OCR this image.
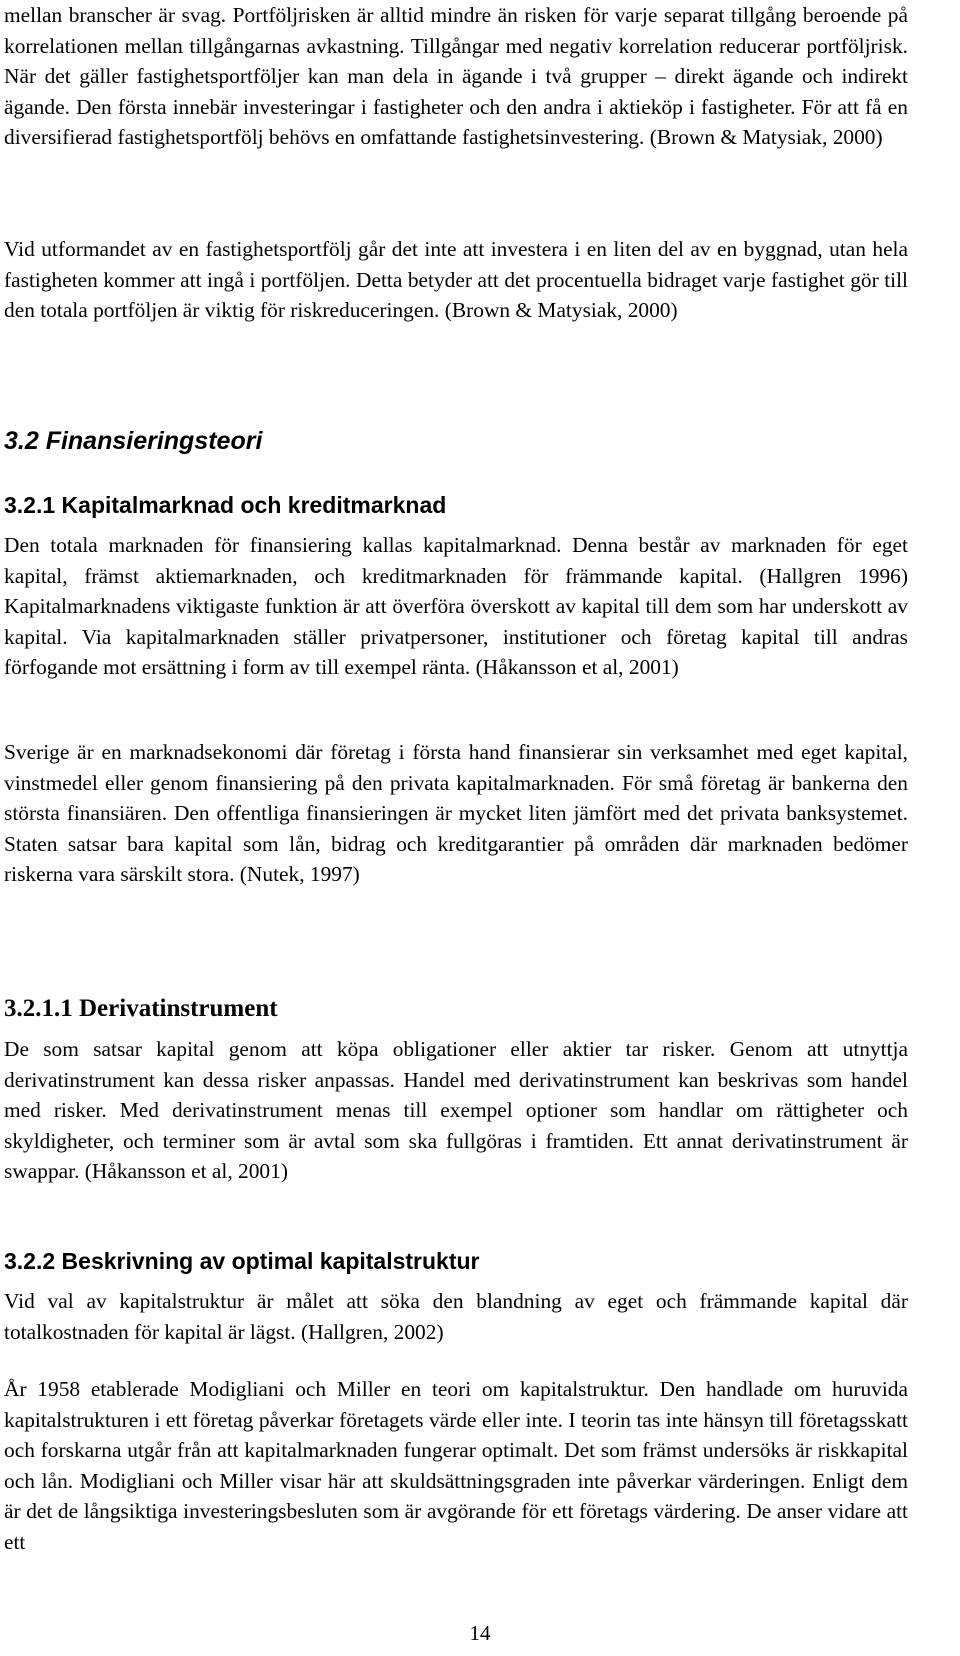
mellan branscher är svag. Portföljrisken är alltid mindre än risken för varje separat tillgång beroende på korrelationen mellan tillgångarnas avkastning. Tillgångar med negativ korrelation reducerar portföljrisk. När det gäller fastighetsportföljer kan man dela in ägande i två grupper – direkt ägande och indirekt ägande. Den första innebär investeringar i fastigheter och den andra i aktieköp i fastigheter. För att få en diversifierad fastighetsportfölj behövs en omfattande fastighetsinvestering. (Brown & Matysiak, 2000)

Vid utformandet av en fastighetsportfölj går det inte att investera i en liten del av en byggnad, utan hela fastigheten kommer att ingå i portföljen. Detta betyder att det procentuella bidraget varje fastighet gör till den totala portföljen är viktig för riskreduceringen. (Brown & Matysiak, 2000)

3.2 Finansieringsteori
3.2.1 Kapitalmarknad och kreditmarknad

Den totala marknaden för finansiering kallas kapitalmarknad. Denna består av marknaden för eget kapital, främst aktiemarknaden, och kreditmarknaden för främmande kapital. (Hallgren 1996) Kapitalmarknadens viktigaste funktion är att överföra överskott av kapital till dem som har underskott av kapital. Via kapitalmarknaden ställer privatpersoner, institutioner och företag kapital till andras förfogande mot ersättning i form av till exempel ränta. (Håkansson et al, 2001)

Sverige är en marknadsekonomi där företag i första hand finansierar sin verksamhet med eget kapital, vinstmedel eller genom finansiering på den privata kapitalmarknaden. För små företag är bankerna den största finansiären. Den offentliga finansieringen är mycket liten jämfört med det privata banksystemet. Staten satsar bara kapital som lån, bidrag och kreditgarantier på områden där marknaden bedömer riskerna vara särskilt stora. (Nutek, 1997)

3.2.1.1 Derivatinstrument

De som satsar kapital genom att köpa obligationer eller aktier tar risker. Genom att utnyttja derivatinstrument kan dessa risker anpassas. Handel med derivatinstrument kan beskrivas som handel med risker. Med derivatinstrument menas till exempel optioner som handlar om rättigheter och skyldigheter, och terminer som är avtal som ska fullgöras i framtiden. Ett annat derivatinstrument är swappar. (Håkansson et al, 2001)

3.2.2 Beskrivning av optimal kapitalstruktur

Vid val av kapitalstruktur är målet att söka den blandning av eget och främmande kapital där totalkostnaden för kapital är lägst. (Hallgren, 2002)

År 1958 etablerade Modigliani och Miller en teori om kapitalstruktur. Den handlade om huruvida kapitalstrukturen i ett företag påverkar företagets värde eller inte. I teorin tas inte hänsyn till företagsskatt och forskarna utgår från att kapitalmarknaden fungerar optimalt. Det som främst undersöks är riskkapital och lån. Modigliani och Miller visar här att skuldsättningsgraden inte påverkar värderingen. Enligt dem är det de långsiktiga investeringsbesluten som är avgörande för ett företags värdering. De anser vidare att ett

14
